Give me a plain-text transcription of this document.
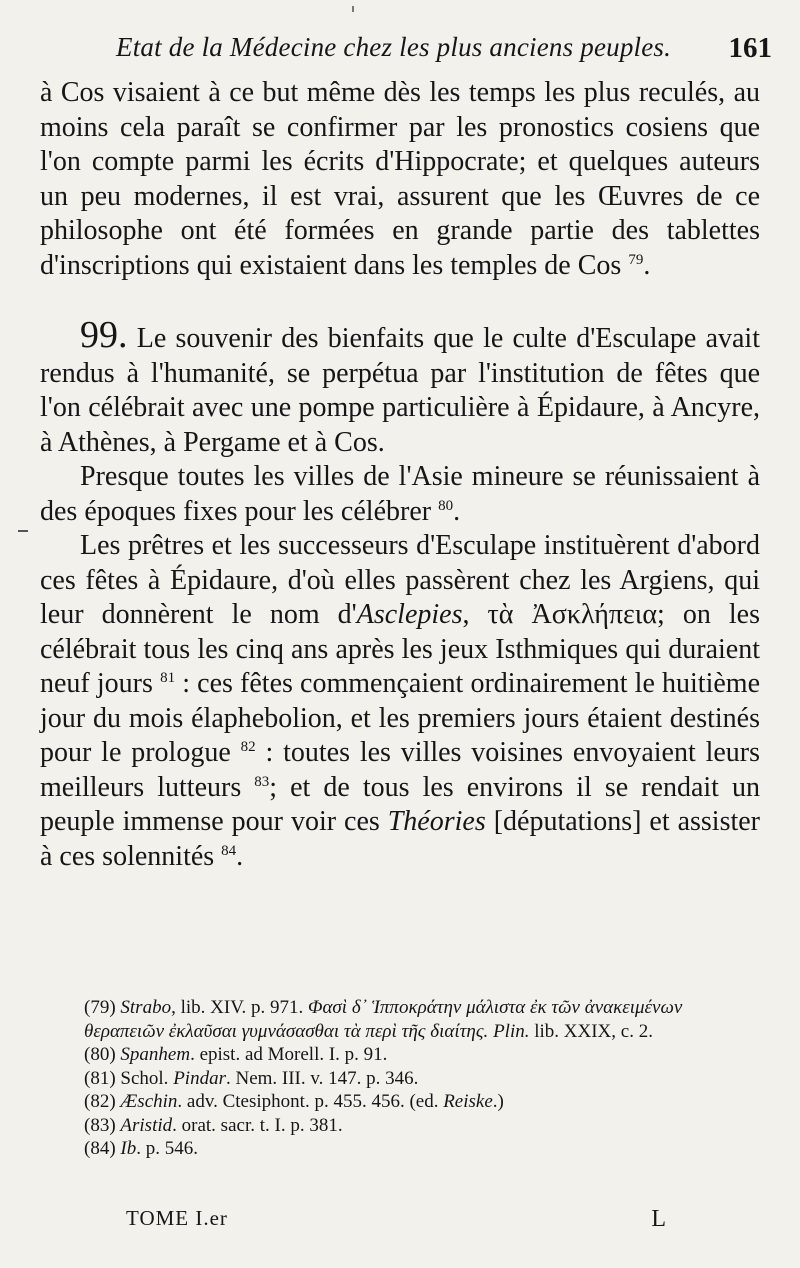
Etat de la Médecine chez les plus anciens peuples. 161

à Cos visaient à ce but même dès les temps les plus reculés, au moins cela paraît se confirmer par les pronostics cosiens que l'on compte parmi les écrits d'Hippocrate; et quelques auteurs un peu modernes, il est vrai, assurent que les Œuvres de ce philosophe ont été formées en grande partie des tablettes d'inscriptions qui existaient dans les temples de Cos $^{79}$.

99. Le souvenir des bienfaits que le culte d'Esculape avait rendus à l'humanité, se perpétua par l'institution de fêtes que l'on célébrait avec une pompe particulière à Épidaure, à Ancyre, à Athènes, à Pergame et à Cos.

Presque toutes les villes de l'Asie mineure se réunissaient à des époques fixes pour les célébrer $^{80}$.

Les prêtres et les successeurs d'Esculape instituèrent d'abord ces fêtes à Épidaure, d'où elles passèrent chez les Argiens, qui leur donnèrent le nom d'Asclepies, τὰ Ἀσκλήπεια; on les célébrait tous les cinq ans après les jeux Isthmiques qui duraient neuf jours $^{81}$ : ces fêtes commençaient ordinairement le huitième jour du mois élaphebolion, et les premiers jours étaient destinés pour le prologue $^{82}$ : toutes les villes voisines envoyaient leurs meilleurs lutteurs $^{83}$; et de tous les environs il se rendait un peuple immense pour voir ces Théories [députations] et assister à ces solennités $^{84}$.

(79) Strabo, lib. XIV. p. 971. Φασὶ δ᾽ Ἱπποκράτην μάλιστα ἐκ τῶν ἀνακειμένων θεραπειῶν ἐκλαῦσαι γυμνάσασθαι τὰ περὶ τῆς διαίτης. Plin. lib. XXIX, c. 2.

(80) Spanhem. epist. ad Morell. I. p. 91.

(81) Schol. Pindar. Nem. III. v. 147. p. 346.

(82) Æschin. adv. Ctesiphont. p. 455. 456. (ed. Reiske.)

(83) Aristid. orat. sacr. t. I. p. 381.

(84) Ib. p. 546.

TOME I.er	L
